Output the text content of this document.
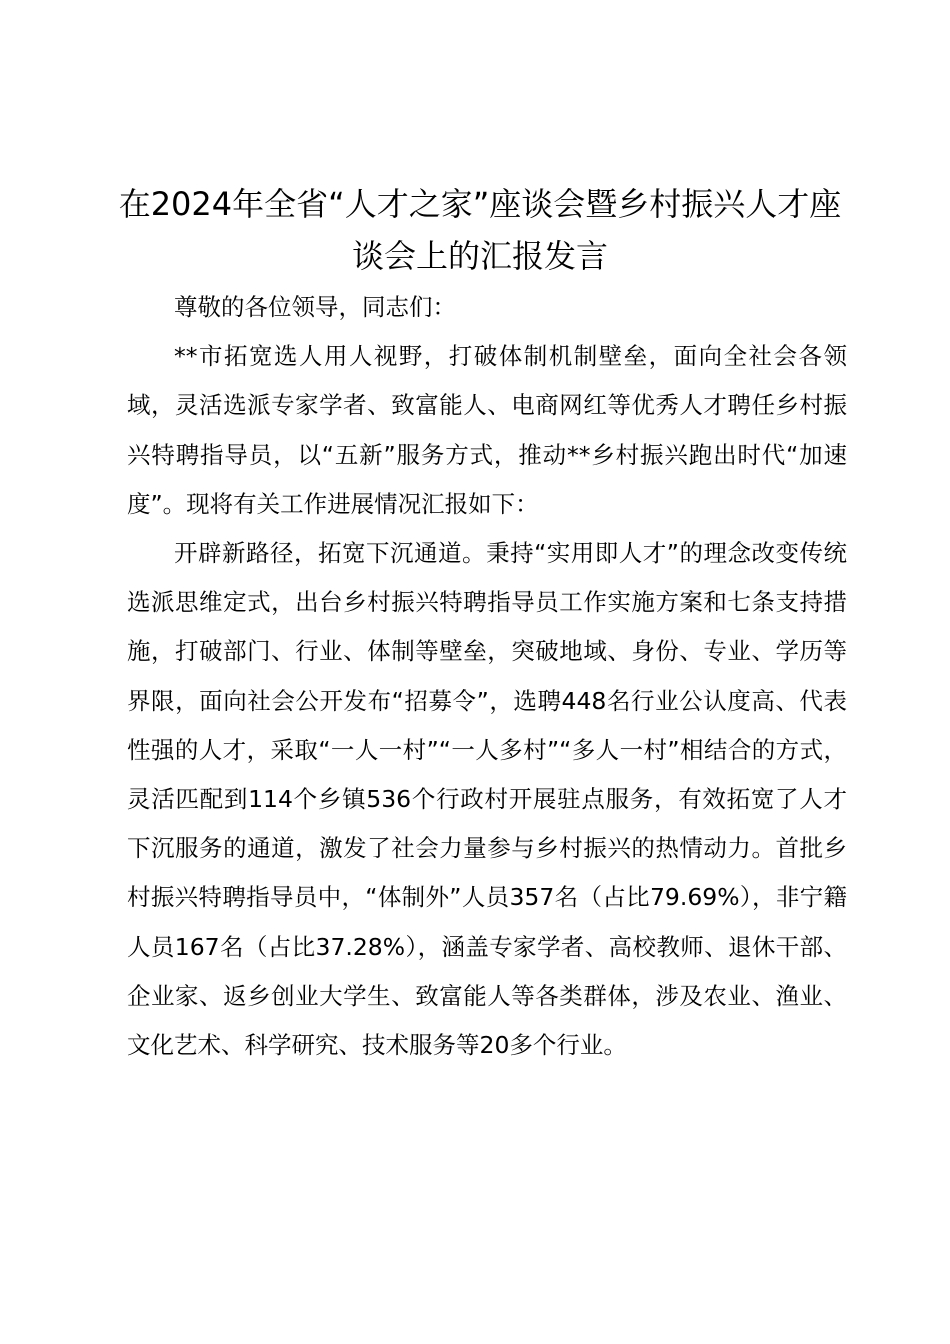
在2024年全省“人才之家”座谈会暨乡村振兴人才座谈会上的汇报发言

尊敬的各位领导，同志们：

**市拓宽选人用人视野，打破体制机制壁垒，面向全社会各领域，灵活选派专家学者、致富能人、电商网红等优秀人才聘任乡村振兴特聘指导员，以“五新”服务方式，推动**乡村振兴跑出时代“加速度”。现将有关工作进展情况汇报如下：

开辟新路径，拓宽下沉通道。秉持“实用即人才”的理念改变传统选派思维定式，出台乡村振兴特聘指导员工作实施方案和七条支持措施，打破部门、行业、体制等壁垒，突破地域、身份、专业、学历等界限，面向社会公开发布“招募令”，选聘448名行业公认度高、代表性强的人才，采取“一人一村”“一人多村”“多人一村”相结合的方式，灵活匹配到114个乡镇536个行政村开展驻点服务，有效拓宽了人才下沉服务的通道，激发了社会力量参与乡村振兴的热情动力。首批乡村振兴特聘指导员中，“体制外”人员357名（占比79.69%），非宁籍人员167名（占比37.28%），涵盖专家学者、高校教师、退休干部、企业家、返乡创业大学生、致富能人等各类群体，涉及农业、渔业、文化艺术、科学研究、技术服务等20多个行业。
